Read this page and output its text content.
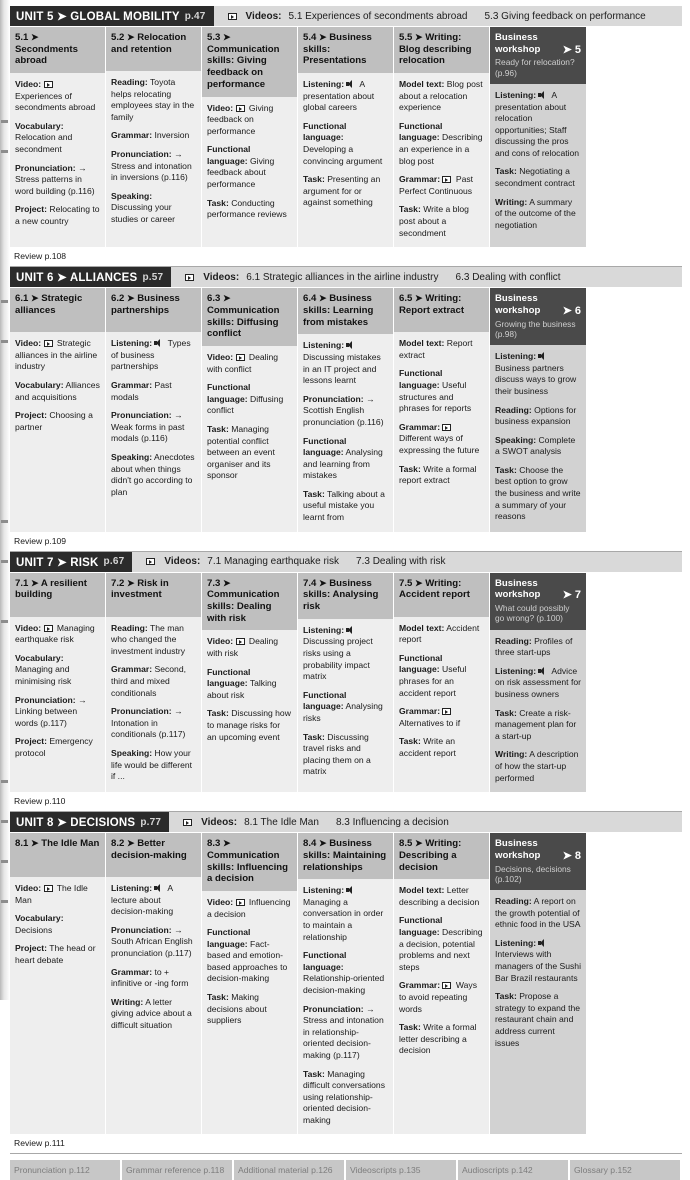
UNIT 5 ➤ GLOBAL MOBILITY p.47	Videos: 5.1 Experiences of secondments abroad 5.3 Giving feedback on performance
5.1 ➤ Secondments abroad

Video:  Experiences of secondments abroad

Vocabulary: Relocation and secondment

Pronunciation: → Stress patterns in word building (p.116)

Project: Relocating to a new country

5.2 ➤ Relocation and retention

Reading: Toyota helps relocating employees stay in the family

Grammar: Inversion

Pronunciation: → Stress and intonation in inversions (p.116)

Speaking: Discussing your studies or career

5.3 ➤ Communication skills: Giving feedback on performance

Video:  Giving feedback on performance

Functional language: Giving feedback about performance

Task: Conducting performance reviews

5.4 ➤ Business skills: Presentations

Listening:  A presentation about global careers

Functional language: Developing a convincing argument

Task: Presenting an argument for or against something

5.5 ➤ Writing: Blog describing relocation

Model text: Blog post about a relocation experience

Functional language: Describing an experience in a blog post

Grammar:  Past Perfect Continuous

Task: Write a blog post about a secondment

Business workshop ➤ 5
Ready for relocation? (p.96)

Listening:  A presentation about relocation opportunities; Staff discussing the pros and cons of relocation

Task: Negotiating a secondment contract

Writing: A summary of the outcome of the negotiation

Review p.108
UNIT 6 ➤ ALLIANCES p.57	Videos: 6.1 Strategic alliances in the airline industry 6.3 Dealing with conflict
6.1 ➤ Strategic alliances

Video:  Strategic alliances in the airline industry

Vocabulary: Alliances and acquisitions

Project: Choosing a partner

6.2 ➤ Business partnerships

Listening:  Types of business partnerships

Grammar: Past modals

Pronunciation: → Weak forms in past modals (p.116)

Speaking: Anecdotes about when things didn't go according to plan

6.3 ➤ Communication skills: Diffusing conflict

Video:  Dealing with conflict

Functional language: Diffusing conflict

Task: Managing potential conflict between an event organiser and its sponsor

6.4 ➤ Business skills: Learning from mistakes

Listening:  Discussing mistakes in an IT project and lessons learnt

Pronunciation: → Scottish English pronunciation (p.116)

Functional language: Analysing and learning from mistakes

Task: Talking about a useful mistake you learnt from

6.5 ➤ Writing: Report extract

Model text: Report extract

Functional language: Useful structures and phrases for reports

Grammar:  Different ways of expressing the future

Task: Write a formal report extract

Business workshop ➤ 6
Growing the business (p.98)

Listening:  Business partners discuss ways to grow their business

Reading: Options for business expansion

Speaking: Complete a SWOT analysis

Task: Choose the best option to grow the business and write a summary of your reasons

Review p.109
UNIT 7 ➤ RISK p.67	Videos: 7.1 Managing earthquake risk 7.3 Dealing with risk
7.1 ➤ A resilient building

Video:  Managing earthquake risk

Vocabulary: Managing and minimising risk

Pronunciation: → Linking between words (p.117)

Project: Emergency protocol

7.2 ➤ Risk in investment

Reading: The man who changed the investment industry

Grammar: Second, third and mixed conditionals

Pronunciation: → Intonation in conditionals (p.117)

Speaking: How your life would be different if ...

7.3 ➤ Communication skills: Dealing with risk

Video:  Dealing with risk

Functional language: Talking about risk

Task: Discussing how to manage risks for an upcoming event

7.4 ➤ Business skills: Analysing risk

Listening:  Discussing project risks using a probability impact matrix

Functional language: Analysing risks

Task: Discussing travel risks and placing them on a matrix

7.5 ➤ Writing: Accident report

Model text: Accident report

Functional language: Useful phrases for an accident report

Grammar:  Alternatives to if

Task: Write an accident report

Business workshop ➤ 7
What could possibly go wrong? (p.100)

Reading: Profiles of three start-ups

Listening:  Advice on risk assessment for business owners

Task: Create a risk-management plan for a start-up

Writing: A description of how the start-up performed

Review p.110
UNIT 8 ➤ DECISIONS p.77	Videos: 8.1 The Idle Man 8.3 Influencing a decision
8.1 ➤ The Idle Man

Video:  The Idle Man

Vocabulary: Decisions

Project: The head or heart debate

8.2 ➤ Better decision-making

Listening:  A lecture about decision-making

Pronunciation: → South African English pronunciation (p.117)

Grammar: to + infinitive or -ing form

Writing: A letter giving advice about a difficult situation

8.3 ➤ Communication skills: Influencing a decision

Video:  Influencing a decision

Functional language: Fact-based and emotion-based approaches to decision-making

Task: Making decisions about suppliers

8.4 ➤ Business skills: Maintaining relationships

Listening:  Managing a conversation in order to maintain a relationship

Functional language: Relationship-oriented decision-making

Pronunciation: → Stress and intonation in relationship-oriented decision-making (p.117)

Task: Managing difficult conversations using relationship-oriented decision-making

8.5 ➤ Writing: Describing a decision

Model text: Letter describing a decision

Functional language: Describing a decision, potential problems and next steps

Grammar:  Ways to avoid repeating words

Task: Write a formal letter describing a decision

Business workshop ➤ 8
Decisions, decisions (p.102)

Reading: A report on the growth potential of ethnic food in the USA

Listening:  Interviews with managers of the Sushi Bar Brazil restaurants

Task: Propose a strategy to expand the restaurant chain and address current issues

Review p.111
Pronunciation p.112	Grammar reference p.118	Additional material p.126	Videoscripts p.135	Audioscripts p.142	Glossary p.152
